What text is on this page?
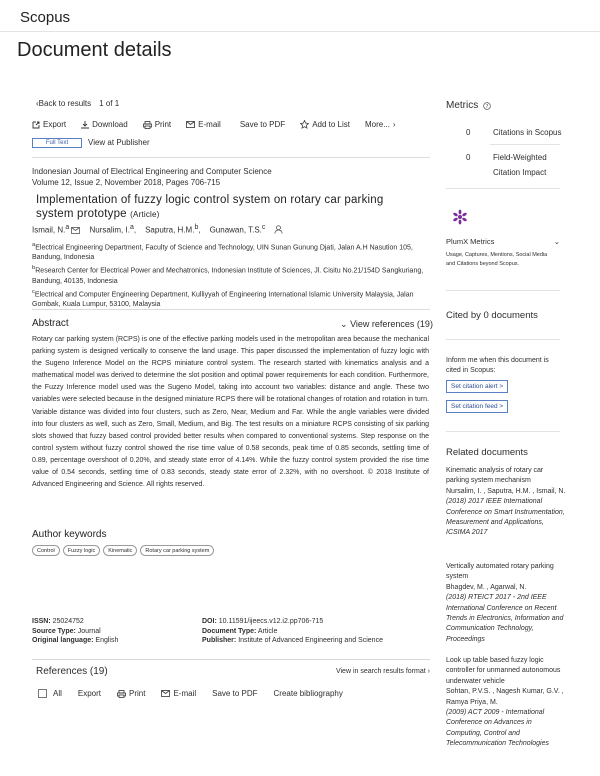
Scopus
Document details
‹Back to results 1 of 1
Export	Download	Print	E-mail Save to PDF	Add to List More... ›
Full Text	View at Publisher
Indonesian Journal of Electrical Engineering and Computer Science
Volume 12, Issue 2, November 2018, Pages 706-715
Implementation of fuzzy logic control system on rotary car parking system prototype (Article)
Ismail, N.$^a$	Nursalim, I.$^a$, Saputra, H.M.$^b$, Gunawan, T.S.$^c$
$^a$Electrical Engineering Department, Faculty of Science and Technology, UIN Sunan Gunung Djati, Jalan A.H Nasution 105, Bandung, Indonesia
$^b$Research Center for Electrical Power and Mechatronics, Indonesian Institute of Sciences, Jl. Cisitu No.21/154D Sangkuriang, Bandung, 40135, Indonesia
$^c$Electrical and Computer Engineering Department, Kulliyyah of Engineering International Islamic University Malaysia, Jalan Gombak, Kuala Lumpur, 53100, Malaysia
Abstract	⌄ View references (19)
Rotary car parking system (RCPS) is one of the effective parking models used in the metropolitan area because the mechanical parking system is designed vertically to conserve the land usage. This paper discussed the implementation of fuzzy logic with the Sugeno Inference Model on the RCPS miniature control system. The research started with kinematics analysis and a mathematical model was derived to determine the slot position and optimal power requirements for each condition. Furthermore, the Fuzzy Inference model used was the Sugeno Model, taking into account two variables: distance and angle. These two variables were selected because in the designed miniature RCPS there will be rotational changes of rotation and rotation in turn. Variable distance was divided into four clusters, such as Zero, Near, Medium and Far. While the angle variables were divided into four clusters as well, such as Zero, Small, Medium, and Big. The test results on a miniature RCPS consisting of six parking slots showed that fuzzy based control provided better results when compared to conventional systems. Step response on the control system without fuzzy control showed the rise time value of 0.58 seconds, peak time of 0.85 seconds, settling time of 0.89, percentage overshoot of 0.20%, and steady state error of 4.14%. While the fuzzy control system provided the rise time value of 0.54 seconds, settling time of 0.83 seconds, steady state error of 2.32%, with no overshoot. © 2018 Institute of Advanced Engineering and Science. All rights reserved.
Author keywords
Control	Fuzzy logic	Kinematic	Rotary car parking system
ISSN: 25024752	DOI: 10.11591/ijeecs.v12.i2.pp706-715
Source Type: Journal	Document Type: Article
Original language: English	Publisher: Institute of Advanced Engineering and Science
References (19)	View in search results format ›
All Export	Print	E-mail Save to PDF Create bibliography
Metrics ?
0	Citations in Scopus
0	Field-Weighted Citation Impact
PlumX Metrics	⌄
Usage, Captures, Mentions, Social Media and Citations beyond Scopus.
Cited by 0 documents
Inform me when this document is cited in Scopus:
Set citation alert >
Set citation feed >
Related documents
Kinematic analysis of rotary car parking system mechanism
Nursalim, I. , Saputra, H.M. , Ismail, N.
(2018) 2017 IEEE International Conference on Smart Instrumentation, Measurement and Applications, ICSIMA 2017
Vertically automated rotary parking system
Bhagdev, M. , Agarwal, N.
(2018) RTEICT 2017 - 2nd IEEE International Conference on Recent Trends in Electronics, Information and Communication Technology, Proceedings
Look up table based fuzzy logic controller for unmanned autonomous underwater vehicle
Sohtan, P.V.S. , Nagesh Kumar, G.V. , Ramya Priya, M.
(2009) ACT 2009 - International Conference on Advances in Computing, Control and Telecommunication Technologies
